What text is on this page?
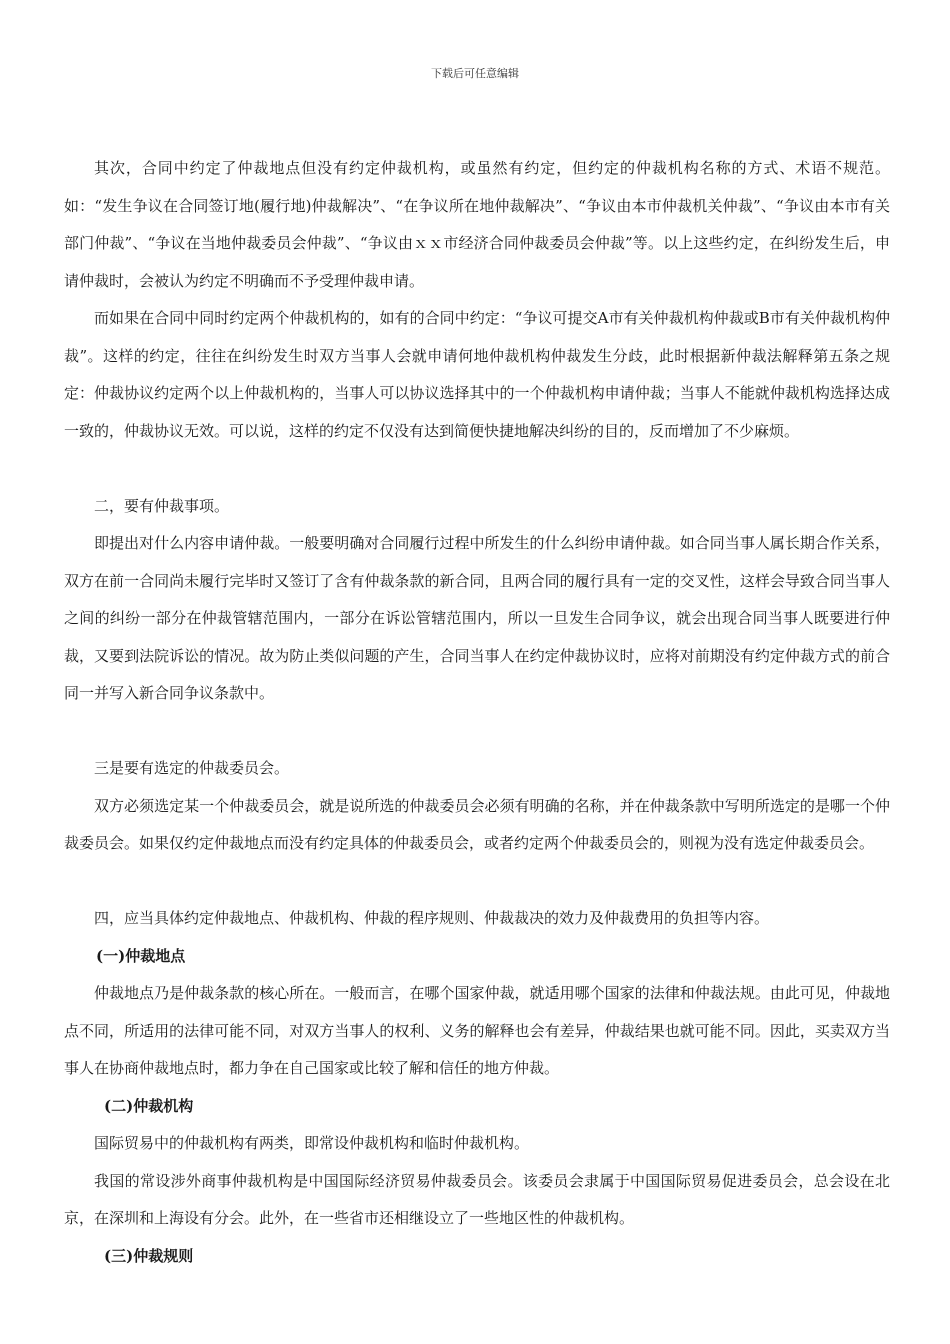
下载后可任意编辑

其次，合同中约定了仲裁地点但没有约定仲裁机构，或虽然有约定，但约定的仲裁机构名称的方式、术语不规范。如：“发生争议在合同签订地(履行地)仲裁解决”、“在争议所在地仲裁解决”、“争议由本市仲裁机关仲裁”、“争议由本市有关部门仲裁”、“争议在当地仲裁委员会仲裁”、“争议由ｘｘ市经济合同仲裁委员会仲裁”等。以上这些约定，在纠纷发生后，申请仲裁时，会被认为约定不明确而不予受理仲裁申请。

而如果在合同中同时约定两个仲裁机构的，如有的合同中约定：“争议可提交A市有关仲裁机构仲裁或B市有关仲裁机构仲裁”。这样的约定，往往在纠纷发生时双方当事人会就申请何地仲裁机构仲裁发生分歧，此时根据新仲裁法解释第五条之规定：仲裁协议约定两个以上仲裁机构的，当事人可以协议选择其中的一个仲裁机构申请仲裁；当事人不能就仲裁机构选择达成一致的，仲裁协议无效。可以说，这样的约定不仅没有达到简便快捷地解决纠纷的目的，反而增加了不少麻烦。

二，要有仲裁事项。

即提出对什么内容申请仲裁。一般要明确对合同履行过程中所发生的什么纠纷申请仲裁。如合同当事人属长期合作关系，双方在前一合同尚未履行完毕时又签订了含有仲裁条款的新合同，且两合同的履行具有一定的交叉性，这样会导致合同当事人之间的纠纷一部分在仲裁管辖范围内，一部分在诉讼管辖范围内，所以一旦发生合同争议，就会出现合同当事人既要进行仲裁，又要到法院诉讼的情况。故为防止类似问题的产生，合同当事人在约定仲裁协议时，应将对前期没有约定仲裁方式的前合同一并写入新合同争议条款中。

三是要有选定的仲裁委员会。

双方必须选定某一个仲裁委员会，就是说所选的仲裁委员会必须有明确的名称，并在仲裁条款中写明所选定的是哪一个仲裁委员会。如果仅约定仲裁地点而没有约定具体的仲裁委员会，或者约定两个仲裁委员会的，则视为没有选定仲裁委员会。

四，应当具体约定仲裁地点、仲裁机构、仲裁的程序规则、仲裁裁决的效力及仲裁费用的负担等内容。

(一)仲裁地点

仲裁地点乃是仲裁条款的核心所在。一般而言，在哪个国家仲裁，就适用哪个国家的法律和仲裁法规。由此可见，仲裁地点不同，所适用的法律可能不同，对双方当事人的权利、义务的解释也会有差异，仲裁结果也就可能不同。因此，买卖双方当事人在协商仲裁地点时，都力争在自己国家或比较了解和信任的地方仲裁。

(二)仲裁机构

国际贸易中的仲裁机构有两类，即常设仲裁机构和临时仲裁机构。

我国的常设涉外商事仲裁机构是中国国际经济贸易仲裁委员会。该委员会隶属于中国国际贸易促进委员会，总会设在北京，在深圳和上海设有分会。此外，在一些省市还相继设立了一些地区性的仲裁机构。

(三)仲裁规则
